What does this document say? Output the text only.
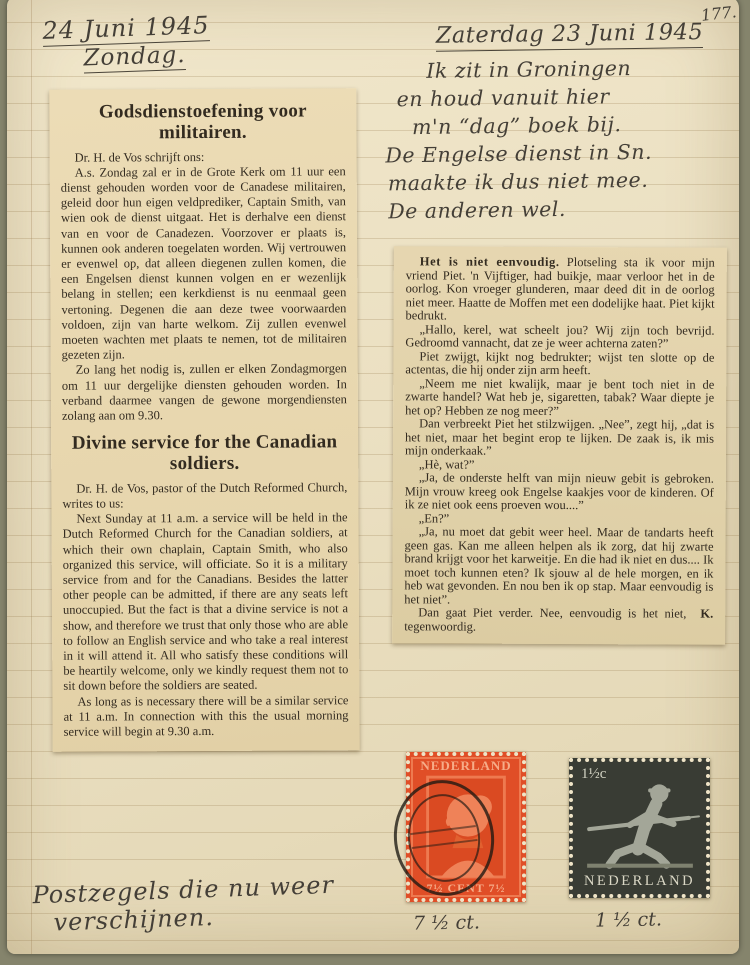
177.
24 Juni 1945
Zondag.
Zaterdag 23 Juni 1945
Ik zit in Groningen
en houd vanuit hier
m'n “dag” boek bij.
De Engelse dienst in Sn.
maakte ik dus niet mee.
De anderen wel.
Godsdienstoefening voor militairen.

Dr. H. de Vos schrijft ons:

A.s. Zondag zal er in de Grote Kerk om 11 uur een dienst gehouden worden voor de Canadese militairen, geleid door hun eigen veldprediker, Captain Smith, van wien ook de dienst uitgaat. Het is derhalve een dienst van en voor de Canadezen. Voorzover er plaats is, kunnen ook anderen toegelaten worden. Wij vertrouwen er evenwel op, dat alleen diegenen zullen komen, die een Engelsen dienst kunnen volgen en er wezenlijk belang in stellen; een kerkdienst is nu eenmaal geen vertoning. Degenen die aan deze twee voorwaarden voldoen, zijn van harte welkom. Zij zullen evenwel moeten wachten met plaats te nemen, tot de militairen gezeten zijn.

Zo lang het nodig is, zullen er elken Zondagmorgen om 11 uur dergelijke diensten gehouden worden. In verband daarmee vangen de gewone morgendiensten zolang aan om 9.30.

Divine service for the Canadian soldiers.

Dr. H. de Vos, pastor of the Dutch Reformed Church, writes to us:

Next Sunday at 11 a.m. a service will be held in the Dutch Reformed Church for the Canadian soldiers, at which their own chaplain, Captain Smith, who also organized this service, will officiate. So it is a military service from and for the Canadians. Besides the latter other people can be admitted, if there are any seats left unoccupied. But the fact is that a divine service is not a show, and therefore we trust that only those who are able to follow an English service and who take a real interest in it will attend it. All who satisfy these conditions will be heartily welcome, only we kindly request them not to sit down before the soldiers are seated.

As long as is necessary there will be a similar service at 11 a.m. In connection with this the usual morning service will begin at 9.30 a.m.

Het is niet eenvoudig. Plotseling sta ik voor mijn vriend Piet. 'n Vijftiger, had buikje, maar verloor het in de oorlog. Kon vroeger glunderen, maar deed dit in de oorlog niet meer. Haatte de Moffen met een dodelijke haat. Piet kijkt bedrukt.

„Hallo, kerel, wat scheelt jou? Wij zijn toch bevrijd. Gedroomd vannacht, dat ze je weer achterna zaten?”

Piet zwijgt, kijkt nog bedrukter; wijst ten slotte op de actentas, die hij onder zijn arm heeft.

„Neem me niet kwalijk, maar je bent toch niet in de zwarte handel? Wat heb je, sigaretten, tabak? Waar diepte je het op? Hebben ze nog meer?”

Dan verbreekt Piet het stilzwijgen. „Nee”, zegt hij, „dat is het niet, maar het begint erop te lijken. De zaak is, ik mis mijn onderkaak.”

„Hè, wat?”

„Ja, de onderste helft van mijn nieuw gebit is gebroken. Mijn vrouw kreeg ook Engelse kaakjes voor de kinderen. Of ik ze niet ook eens proeven wou....”

„En?”

„Ja, nu moet dat gebit weer heel. Maar de tandarts heeft geen gas. Kan me alleen helpen als ik zorg, dat hij zwarte brand krijgt voor het karweitje. En die had ik niet en dus.... Ik moet toch kunnen eten? Ik sjouw al de hele morgen, en ik heb wat gevonden. En nou ben ik op stap. Maar eenvoudig is het niet”.

K.
Dan gaat Piet verder. Nee, eenvoudig is het niet, tegenwoordig.

NEDERLAND
7½ CENT 7½
1½c
NEDERLAND
Postzegels die nu weer
verschijnen.	7 ½ ct.	1 ½ ct.
